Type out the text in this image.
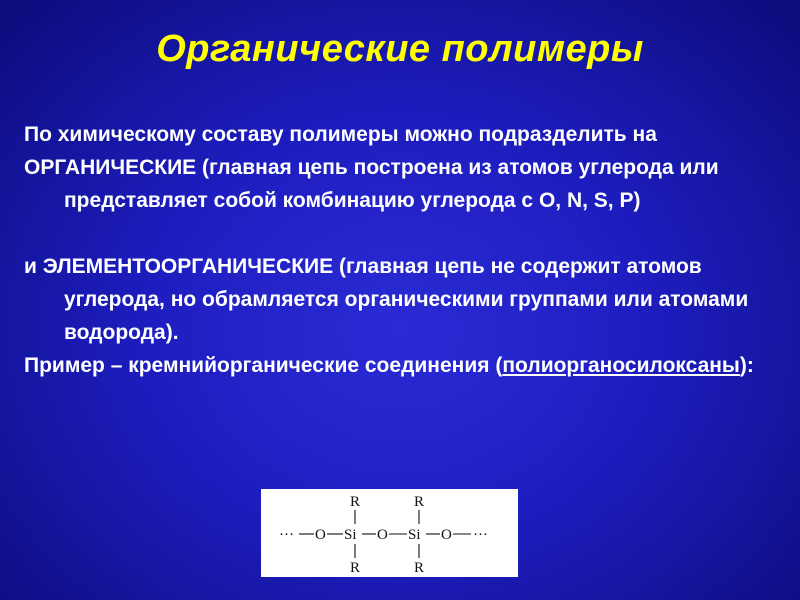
Органические полимеры

По химическому составу полимеры можно подразделить на

ОРГАНИЧЕСКИЕ (главная цепь построена из атомов углерода или представляет собой комбинацию углерода с O, N, S, P)

и ЭЛЕМЕНТООРГАНИЧЕСКИЕ (главная цепь не содержит атомов углерода, но обрамляется органическими группами или атомами водорода).

Пример – кремнийорганические соединения (полиорганосилоксаны):

R	R
··· O Si O Si O ···
R	R
